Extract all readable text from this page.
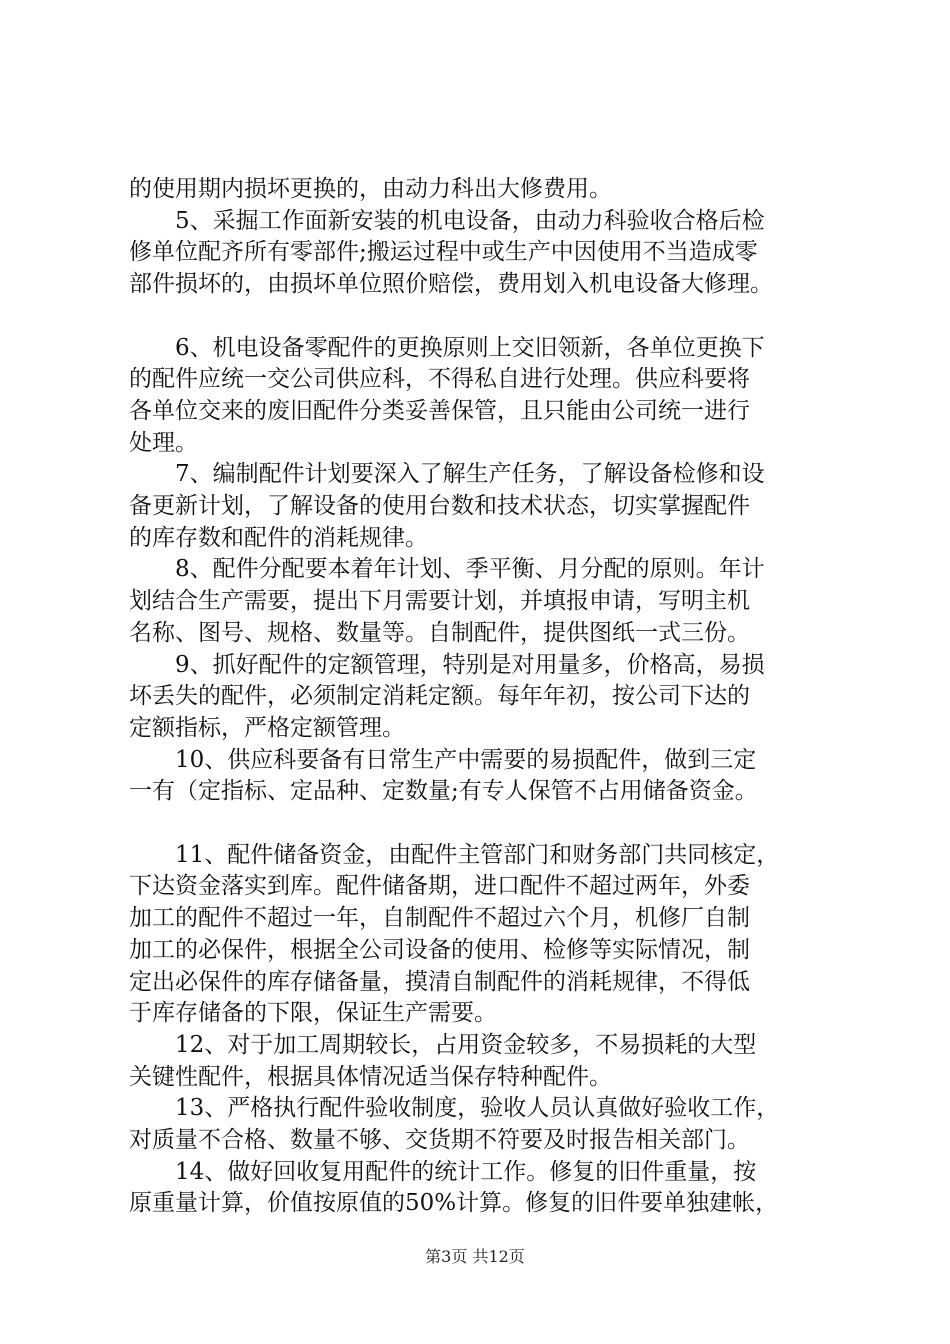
的使用期内损坏更换的，由动力科出大修费用。
5、采掘工作面新安装的机电设备，由动力科验收合格后检
修单位配齐所有零部件;搬运过程中或生产中因使用不当造成零
部件损坏的，由损坏单位照价赔偿，费用划入机电设备大修理。
6、机电设备零配件的更换原则上交旧领新，各单位更换下
的配件应统一交公司供应科，不得私自进行处理。供应科要将
各单位交来的废旧配件分类妥善保管，且只能由公司统一进行
处理。
7、编制配件计划要深入了解生产任务，了解设备检修和设
备更新计划，了解设备的使用台数和技术状态，切实掌握配件
的库存数和配件的消耗规律。
8、配件分配要本着年计划、季平衡、月分配的原则。年计
划结合生产需要，提出下月需要计划，并填报申请，写明主机
名称、图号、规格、数量等。自制配件，提供图纸一式三份。
9、抓好配件的定额管理，特别是对用量多，价格高，易损
坏丢失的配件，必须制定消耗定额。每年年初，按公司下达的
定额指标，严格定额管理。
10、供应科要备有日常生产中需要的易损配件，做到三定
一有（定指标、定品种、定数量;有专人保管不占用储备资金。
11、配件储备资金，由配件主管部门和财务部门共同核定，
下达资金落实到库。配件储备期，进口配件不超过两年，外委
加工的配件不超过一年，自制配件不超过六个月，机修厂自制
加工的必保件，根据全公司设备的使用、检修等实际情况，制
定出必保件的库存储备量，摸清自制配件的消耗规律，不得低
于库存储备的下限，保证生产需要。
12、对于加工周期较长，占用资金较多，不易损耗的大型
关键性配件，根据具体情况适当保存特种配件。
13、严格执行配件验收制度，验收人员认真做好验收工作，
对质量不合格、数量不够、交货期不符要及时报告相关部门。
14、做好回收复用配件的统计工作。修复的旧件重量，按
原重量计算，价值按原值的50%计算。修复的旧件要单独建帐，
第3页 共12页
